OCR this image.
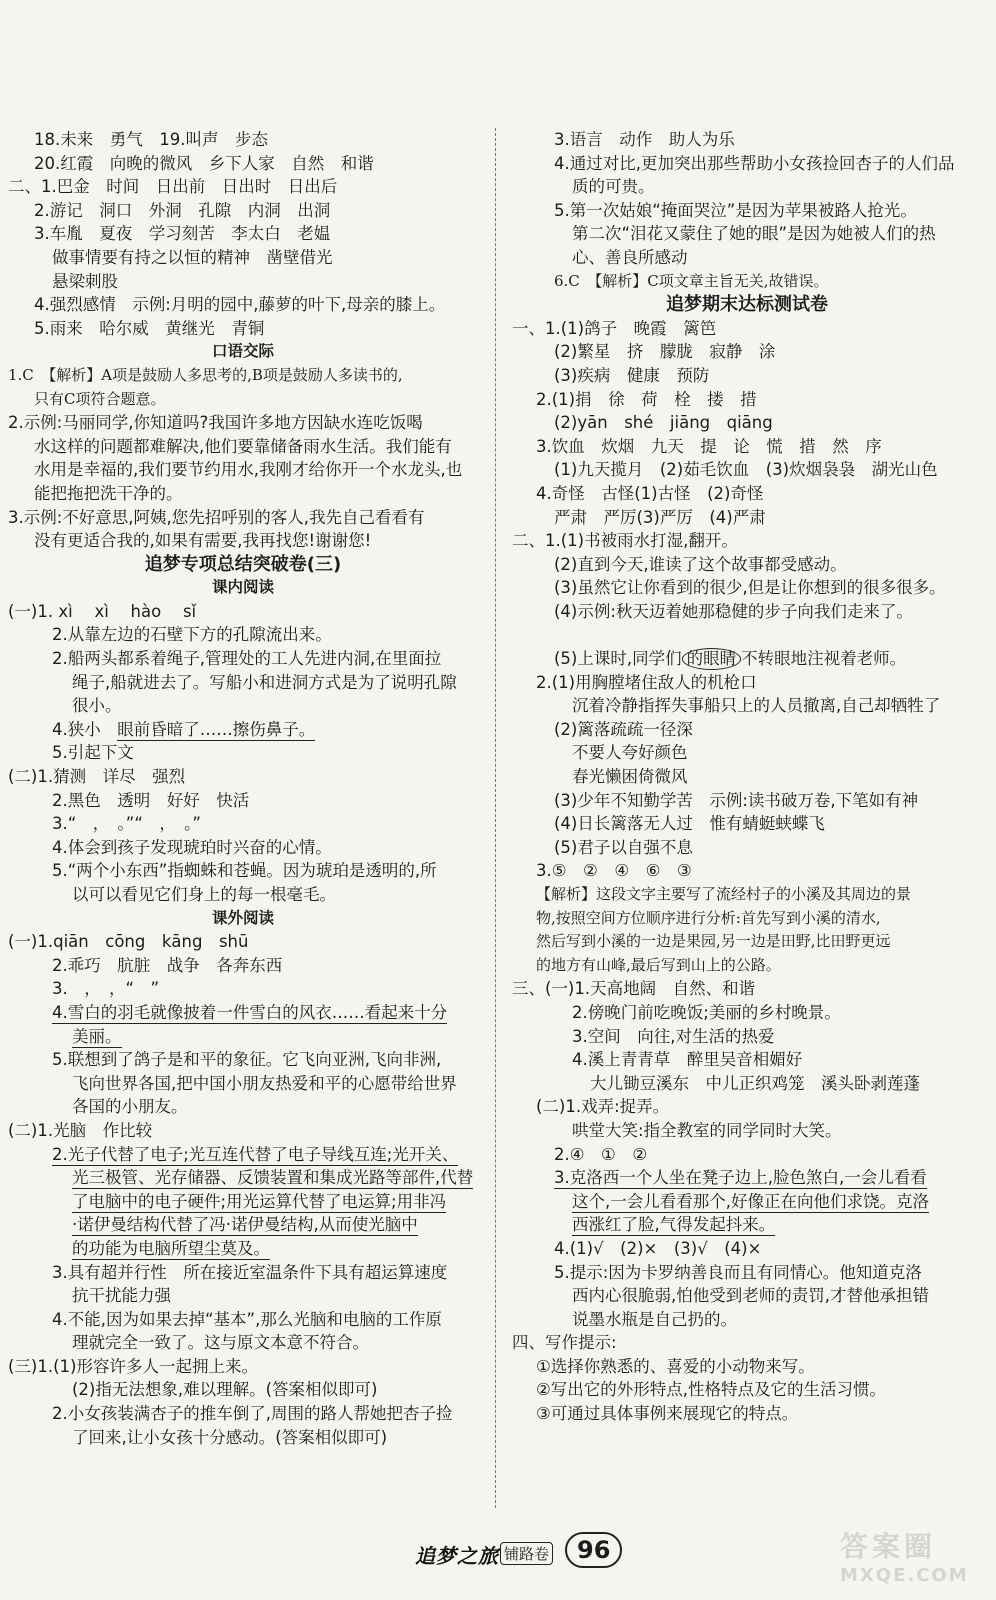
18.未来　勇气　19.叫声　步态
20.红霞　向晚的微风　乡下人家　自然　和谐
二、1.巴金　时间　日出前　日出时　日出后
2.游记　洞口　外洞　孔隙　内洞　出洞
3.车胤　夏夜　学习刻苦　李太白　老媪
做事情要有持之以恒的精神　凿壁借光
悬梁刺股
4.强烈感情　示例:月明的园中,藤萝的叶下,母亲的膝上。
5.雨来　哈尔威　黄继光　青铜
口语交际
1.C　【解析】A项是鼓励人多思考的,B项是鼓励人多读书的,
只有C项符合题意。
2.示例:马丽同学,你知道吗?我国许多地方因缺水连吃饭喝
水这样的问题都难解决,他们要靠储备雨水生活。我们能有
水用是幸福的,我们要节约用水,我刚才给你开一个水龙头,也
能把拖把洗干净的。
3.示例:不好意思,阿姨,您先招呼别的客人,我先自己看看有
没有更适合我的,如果有需要,我再找您!谢谢您!
追梦专项总结突破卷(三)
课内阅读
(一)1. xì　 xì　 hào　 sǐ
2.从靠左边的石壁下方的孔隙流出来。
2.船两头都系着绳子,管理处的工人先进内洞,在里面拉
绳子,船就进去了。写船小和进洞方式是为了说明孔隙
很小。
4.狭小　眼前昏暗了……擦伤鼻子。
5.引起下文
(二)1.猜测　详尽　强烈
2.黑色　透明　好好　快活
3.“　，　。”“　，　。”
4.体会到孩子发现琥珀时兴奋的心情。
5.“两个小东西”指蜘蛛和苍蝇。因为琥珀是透明的,所
以可以看见它们身上的每一根毫毛。
课外阅读
(一)1.qiān　cōng　kāng　shū
2.乖巧　肮脏　战争　各奔东西
3.　，　，“　”
4.雪白的羽毛就像披着一件雪白的风衣……看起来十分
美丽。
5.联想到了鸽子是和平的象征。它飞向亚洲,飞向非洲,
飞向世界各国,把中国小朋友热爱和平的心愿带给世界
各国的小朋友。
(二)1.光脑　作比较
2.光子代替了电子;光互连代替了电子导线互连;光开关、
光三极管、光存储器、反馈装置和集成光路等部件,代替
了电脑中的电子硬件;用光运算代替了电运算;用非冯
·诺伊曼结构代替了冯·诺伊曼结构,从而使光脑中
的功能为电脑所望尘莫及。
3.具有超并行性　所在接近室温条件下具有超运算速度
抗干扰能力强
4.不能,因为如果去掉“基本”,那么光脑和电脑的工作原
理就完全一致了。这与原文本意不符合。
(三)1.(1)形容许多人一起拥上来。
(2)指无法想象,难以理解。(答案相似即可)
2.小女孩装满杏子的推车倒了,周围的路人帮她把杏子捡
了回来,让小女孩十分感动。(答案相似即可)
3.语言　动作　助人为乐
4.通过对比,更加突出那些帮助小女孩捡回杏子的人们品
质的可贵。
5.第一次姑娘“掩面哭泣”是因为苹果被路人抢光。
第二次“泪花又蒙住了她的眼”是因为她被人们的热
心、善良所感动
6.C　【解析】C项文章主旨无关,故错误。
追梦期末达标测试卷
一、1.(1)鸽子　晚霞　篱笆
(2)繁星　挤　朦胧　寂静　涂
(3)疾病　健康　预防
2.(1)捐　徐　荷　栓　搂　措
(2)yān　shé　jiāng　qiāng
3.饮血　炊烟　九天　提　论　慌　措　然　序
(1)九天揽月　(2)茹毛饮血　(3)炊烟袅袅　湖光山色
4.奇怪　古怪(1)古怪　(2)奇怪
严肃　严厉(3)严厉　(4)严肃
二、1.(1)书被雨水打湿,翻开。
(2)直到今天,谁读了这个故事都受感动。
(3)虽然它让你看到的很少,但是让你想到的很多很多。
(4)示例:秋天迈着她那稳健的步子向我们走来了。
(5)上课时,同学们 的眼睛 不转眼地注视着老师。
2.(1)用胸膛堵住敌人的机枪口
沉着冷静指挥失事船只上的人员撤离,自己却牺牲了
(2)篱落疏疏一径深
不要人夸好颜色
春光懒困倚微风
(3)少年不知勤学苦　示例:读书破万卷,下笔如有神
(4)日长篱落无人过　惟有蜻蜓蛱蝶飞
(5)君子以自强不息
3.⑤　②　④　⑥　③
【解析】这段文字主要写了流经村子的小溪及其周边的景
物,按照空间方位顺序进行分析:首先写到小溪的清水,
然后写到小溪的一边是果园,另一边是田野,比田野更远
的地方有山峰,最后写到山上的公路。
三、(一)1.天高地阔　自然、和谐
2.傍晚门前吃晚饭;美丽的乡村晚景。
3.空间　向往,对生活的热爱
4.溪上青青草　醉里吴音相媚好
大儿锄豆溪东　中儿正织鸡笼　溪头卧剥莲蓬
(二)1.戏弄:捉弄。
哄堂大笑:指全教室的同学同时大笑。
2.④　①　②
3.克洛西一个人坐在凳子边上,脸色煞白,一会儿看看
这个,一会儿看看那个,好像正在向他们求饶。克洛
西涨红了脸,气得发起抖来。
4.(1)√　(2)×　(3)√　(4)×
5.提示:因为卡罗纳善良而且有同情心。他知道克洛
西内心很脆弱,怕他受到老师的责罚,才替他承担错
说墨水瓶是自己扔的。
四、写作提示:
①选择你熟悉的、喜爱的小动物来写。
②写出它的外形特点,性格特点及它的生活习惯。
③可通过具体事例来展现它的特点。
追梦之旅 铺路卷	96	答案圈
MXQE.COM
